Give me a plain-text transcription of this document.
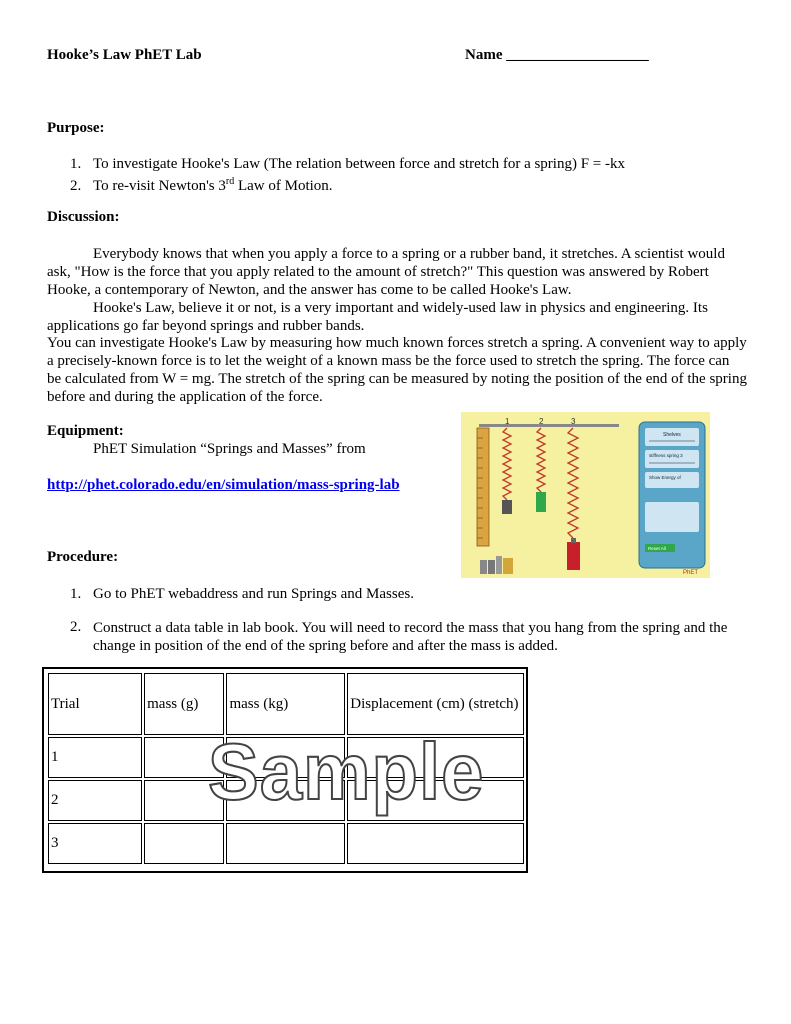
Hooke’s Law PhET Lab	Name ___________________
Purpose:
1. To investigate Hooke's Law (The relation between force and stretch for a spring) F = -kx
2. To re-visit Newton's 3rd Law of Motion.
Discussion:

Everybody knows that when you apply a force to a spring or a rubber band, it stretches. A scientist would ask, "How is the force that you apply related to the amount of stretch?" This question was answered by Robert Hooke, a contemporary of Newton, and the answer has come to be called Hooke's Law.

Hooke's Law, believe it or not, is a very important and widely-used law in physics and engineering. Its applications go far beyond springs and rubber bands.

You can investigate Hooke's Law by measuring how much known forces stretch a spring. A convenient way to apply a precisely-known force is to let the weight of a known mass be the force used to stretch the spring. The force can be calculated from W = mg. The stretch of the spring can be measured by noting the position of the end of the spring before and during the application of the force.

Equipment:
PhET Simulation “Springs and Masses” from
http://phet.colorado.edu/en/simulation/mass-spring-lab
1	2	3
Shelves
stiffness spring 3
Show Energy of
Reset All
PhET
Procedure:
1. Go to PhET webaddress and run Springs and Masses.
2. Construct a data table in lab book. You will need to record the mass that you hang from the spring and the change in position of the end of the spring before and after the mass is added.
Trial	mass (g)	mass (kg)	Displacement (cm) (stretch)
1			
2			
3			
Sample
